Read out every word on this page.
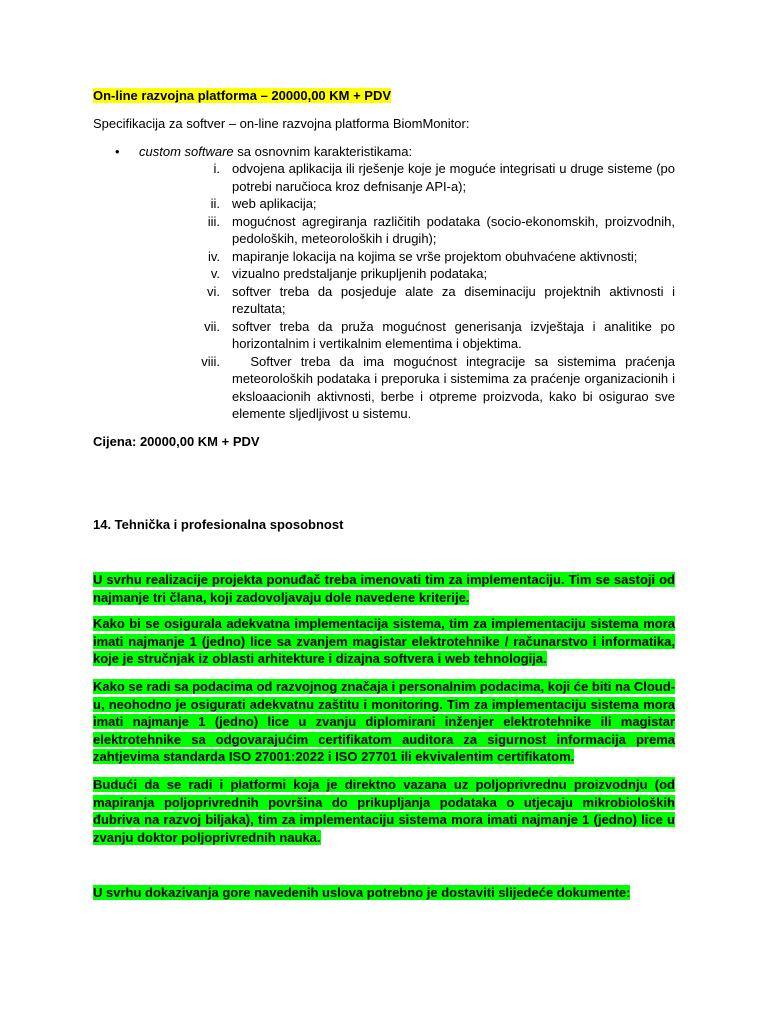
On-line razvojna platforma – 20000,00 KM + PDV

Specifikacija za softver – on-line razvojna platforma BiomMonitor:

• custom software sa osnovnim karakteristikama:
i. odvojena aplikacija ili rješenje koje je moguće integrisati u druge sisteme (po potrebi naručioca kroz defnisanje API-a);
ii. web aplikacija;
iii. mogućnost agregiranja različitih podataka (socio-ekonomskih, proizvodnih, pedoloških, meteoroloških i drugih);
iv. mapiranje lokacija na kojima se vrše projektom obuhvaćene aktivnosti;
v. vizualno predstaljanje prikupljenih podataka;
vi. softver treba da posjeduje alate za diseminaciju projektnih aktivnosti i rezultata;
vii. softver treba da pruža mogućnost generisanja izvještaja i analitike po horizontalnim i vertikalnim elementima i objektima.
viii. Softver treba da ima mogućnost integracije sa sistemima praćenja meteoroloških podataka i preporuka i sistemima za praćenje organizacionih i eksloaacionih aktivnosti, berbe i otpreme proizvoda, kako bi osigurao sve elemente sljedljivost u sistemu.

Cijena: 20000,00 KM + PDV

14. Tehnička i profesionalna sposobnost

U svrhu realizacije projekta ponuđač treba imenovati tim za implementaciju. Tim se sastoji od najmanje tri člana, koji zadovoljavaju dole navedene kriterije.

Kako bi se osigurala adekvatna implementacija sistema, tim za implementaciju sistema mora imati najmanje 1 (jedno) lice sa zvanjem magistar elektrotehnike / računarstvo i informatika, koje je stručnjak iz oblasti arhitekture i dizajna softvera i web tehnologija.

Kako se radi sa podacima od razvojnog značaja i personalnim podacima, koji će biti na Cloud-u, neohodno je osigurati adekvatnu zaštitu i monitoring. Tim za implementaciju sistema mora imati najmanje 1 (jedno) lice u zvanju diplomirani inženjer elektrotehnike ili magistar elektrotehnike sa odgovarajućim certifikatom auditora za sigurnost informacija prema zahtjevima standarda ISO 27001:2022 i ISO 27701 ili ekvivalentim certifikatom.

Budući da se radi i platformi koja je direktno vazana uz poljoprivrednu proizvodnju (od mapiranja poljoprivrednih površina do prikupljanja podataka o utjecaju mikrobioloških đubriva na razvoj biljaka), tim za implementaciju sistema mora imati najmanje 1 (jedno) lice u zvanju doktor poljoprivrednih nauka.

U svrhu dokazivanja gore navedenih uslova potrebno je dostaviti slijedeće dokumente:
